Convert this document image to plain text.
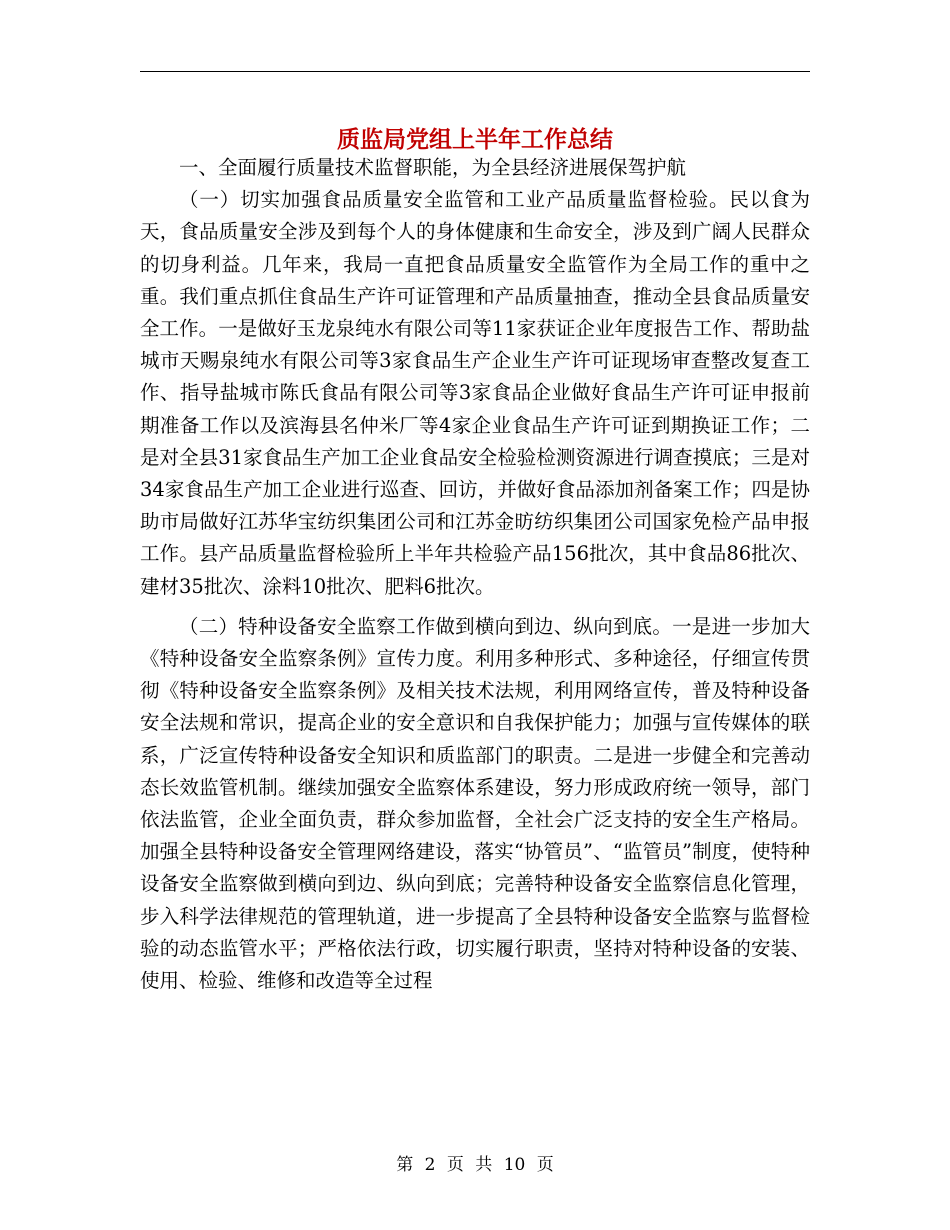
质监局党组上半年工作总结

一、全面履行质量技术监督职能，为全县经济进展保驾护航

（一）切实加强食品质量安全监管和工业产品质量监督检验。民以食为天，食品质量安全涉及到每个人的身体健康和生命安全，涉及到广阔人民群众的切身利益。几年来，我局一直把食品质量安全监管作为全局工作的重中之重。我们重点抓住食品生产许可证管理和产品质量抽查，推动全县食品质量安全工作。一是做好玉龙泉纯水有限公司等11家获证企业年度报告工作、帮助盐城市天赐泉纯水有限公司等3家食品生产企业生产许可证现场审查整改复查工作、指导盐城市陈氏食品有限公司等3家食品企业做好食品生产许可证申报前期准备工作以及滨海县名仲米厂等4家企业食品生产许可证到期换证工作；二是对全县31家食品生产加工企业食品安全检验检测资源进行调查摸底；三是对34家食品生产加工企业进行巡查、回访，并做好食品添加剂备案工作；四是协助市局做好江苏华宝纺织集团公司和江苏金昉纺织集团公司国家免检产品申报工作。县产品质量监督检验所上半年共检验产品156批次，其中食品86批次、建材35批次、涂料10批次、肥料6批次。

（二）特种设备安全监察工作做到横向到边、纵向到底。一是进一步加大《特种设备安全监察条例》宣传力度。利用多种形式、多种途径，仔细宣传贯彻《特种设备安全监察条例》及相关技术法规，利用网络宣传，普及特种设备安全法规和常识，提高企业的安全意识和自我保护能力；加强与宣传媒体的联系，广泛宣传特种设备安全知识和质监部门的职责。二是进一步健全和完善动态长效监管机制。继续加强安全监察体系建设，努力形成政府统一领导，部门依法监管，企业全面负责，群众参加监督，全社会广泛支持的安全生产格局。加强全县特种设备安全管理网络建设，落实“协管员”、“监管员”制度，使特种设备安全监察做到横向到边、纵向到底；完善特种设备安全监察信息化管理，步入科学法律规范的管理轨道，进一步提高了全县特种设备安全监察与监督检验的动态监管水平；严格依法行政，切实履行职责，坚持对特种设备的安装、使用、检验、维修和改造等全过程

第 2 页 共 10 页
